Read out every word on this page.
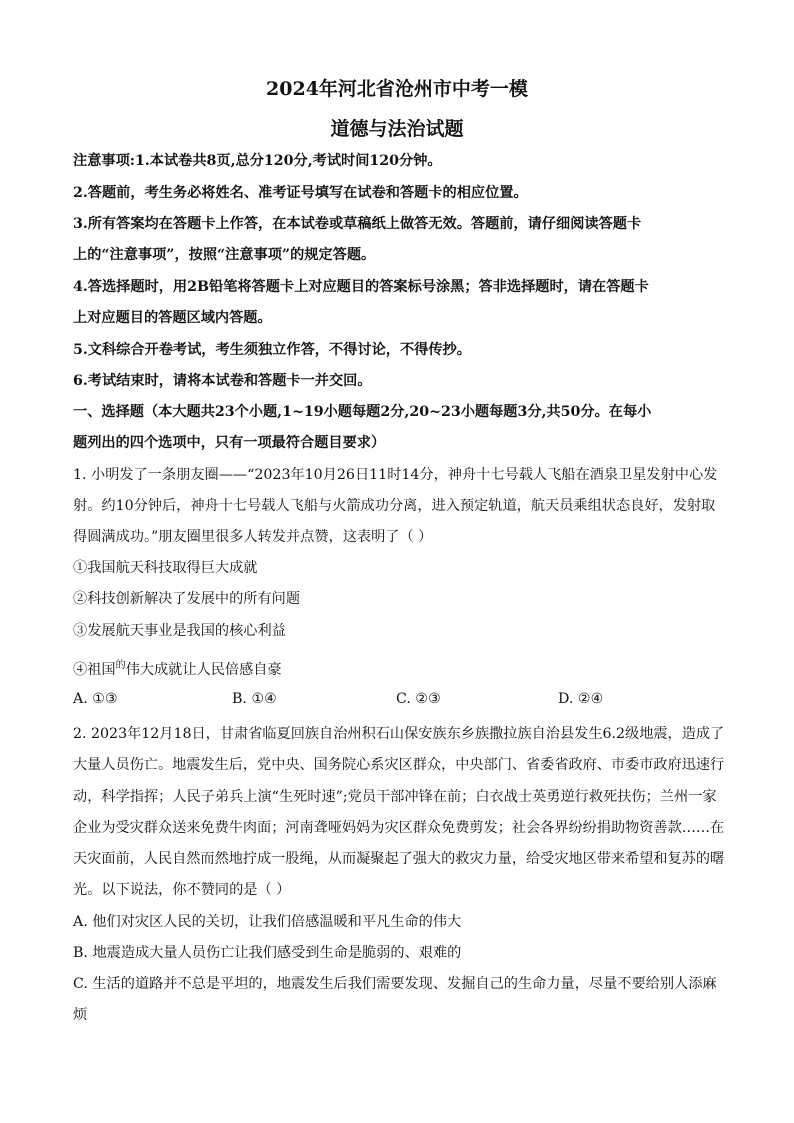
2024年河北省沧州市中考一模
道德与法治试题
注意事项:1.本试卷共8页,总分120分,考试时间120分钟。
2.答题前，考生务必将姓名、准考证号填写在试卷和答题卡的相应位置。
3.所有答案均在答题卡上作答，在本试卷或草稿纸上做答无效。答题前，请仔细阅读答题卡
上的“注意事项”，按照“注意事项”的规定答题。
4.答选择题时，用2B铅笔将答题卡上对应题目的答案标号涂黑；答非选择题时，请在答题卡
上对应题目的答题区域内答题。
5.文科综合开卷考试，考生须独立作答，不得讨论，不得传抄。
6.考试结束时，请将本试卷和答题卡一并交回。
一、选择题（本大题共23个小题,1~19小题每题2分,20~23小题每题3分,共50分。在每小
题列出的四个选项中，只有一项最符合题目要求）
1. 小明发了一条朋友圈——“2023年10月26日11时14分，神舟十七号载人飞船在酒泉卫星发射中心发
射。约10分钟后，神舟十七号载人飞船与火箭成功分离，进入预定轨道，航天员乘组状态良好，发射取
得圆满成功。”朋友圈里很多人转发并点赞，这表明了（ ）
①我国航天科技取得巨大成就
②科技创新解决了发展中的所有问题
③发展航天事业是我国的核心利益
④祖国$^的$伟大成就让人民倍感自豪
A. ①③	B. ①④	C. ②③	D. ②④
2. 2023年12月18日，甘肃省临夏回族自治州积石山保安族东乡族撒拉族自治县发生6.2级地震，造成了
大量人员伤亡。地震发生后，党中央、国务院心系灾区群众，中央部门、省委省政府、市委市政府迅速行
动，科学指挥；人民子弟兵上演“生死时速”;党员干部冲锋在前；白衣战士英勇逆行救死扶伤；兰州一家
企业为受灾群众送来免费牛肉面；河南聋哑妈妈为灾区群众免费剪发；社会各界纷纷捐助物资善款……在
天灾面前，人民自然而然地拧成一股绳，从而凝聚起了强大的救灾力量，给受灾地区带来希望和复苏的曙
光。以下说法，你不赞同的是（ ）
A. 他们对灾区人民的关切，让我们倍感温暖和平凡生命的伟大
B. 地震造成大量人员伤亡让我们感受到生命是脆弱的、艰难的
C. 生活的道路并不总是平坦的，地震发生后我们需要发现、发掘自己的生命力量，尽量不要给别人添麻
烦
